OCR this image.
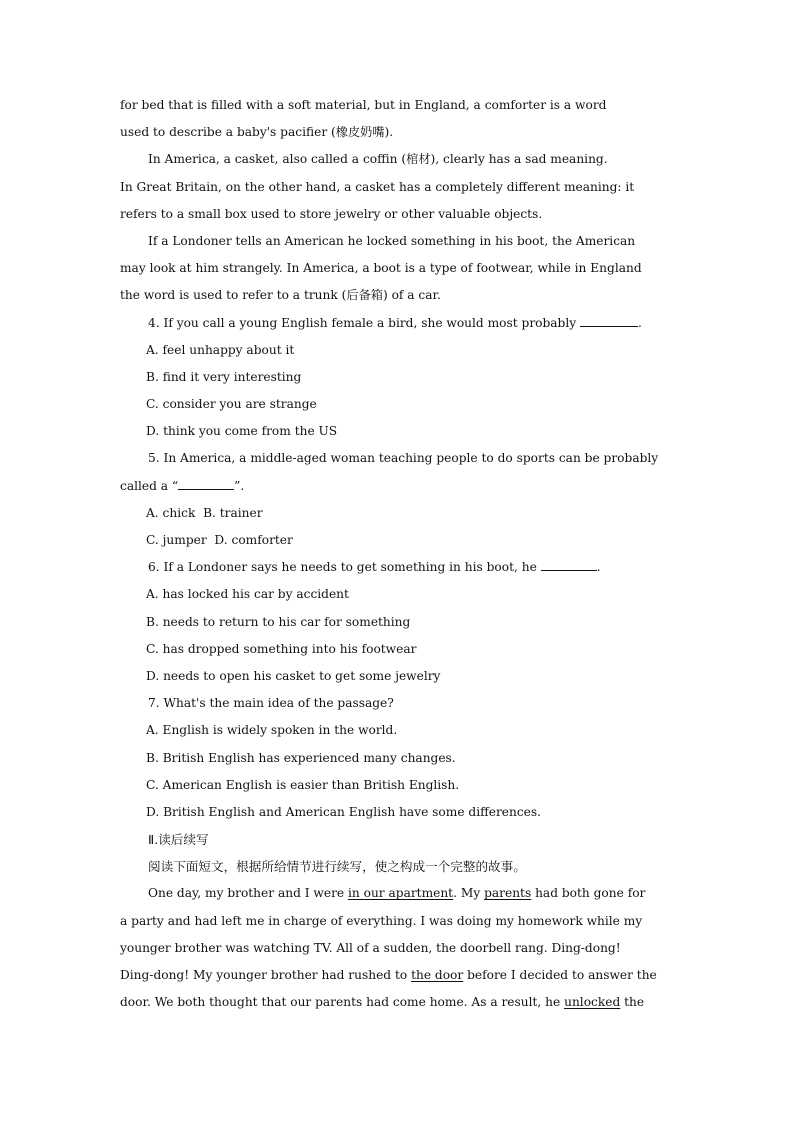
for bed that is filled with a soft material, but in England, a comforter is a word
used to describe a baby's pacifier (橡皮奶嘴).
In America, a casket, also called a coffin (棺材), clearly has a sad meaning.
In Great Britain, on the other hand, a casket has a completely different meaning: it
refers to a small box used to store jewelry or other valuable objects.
If a Londoner tells an American he locked something in his boot, the American
may look at him strangely. In America, a boot is a type of footwear, while in England
the word is used to refer to a trunk (后备箱) of a car.
4. If you call a young English female a bird, she would most probably	.
A. feel unhappy about it
B. find it very interesting
C. consider you are strange
D. think you come from the US
5. In America, a middle-aged woman teaching people to do sports can be probably
called a “	”.
A. chick  B. trainer
C. jumper  D. comforter
6. If a Londoner says he needs to get something in his boot, he	.
A. has locked his car by accident
B. needs to return to his car for something
C. has dropped something into his footwear
D. needs to open his casket to get some jewelry
7. What's the main idea of the passage?
A. English is widely spoken in the world.
B. British English has experienced many changes.
C. American English is easier than British English.
D. British English and American English have some differences.
Ⅱ.读后续写
阅读下面短文，根据所给情节进行续写，使之构成一个完整的故事。
One day, my brother and I were in our apartment. My parents had both gone for
a party and had left me in charge of everything. I was doing my homework while my
younger brother was watching TV. All of a sudden, the doorbell rang. Ding-dong!
Ding-dong! My younger brother had rushed to the door before I decided to answer the
door. We both thought that our parents had come home. As a result, he unlocked the
